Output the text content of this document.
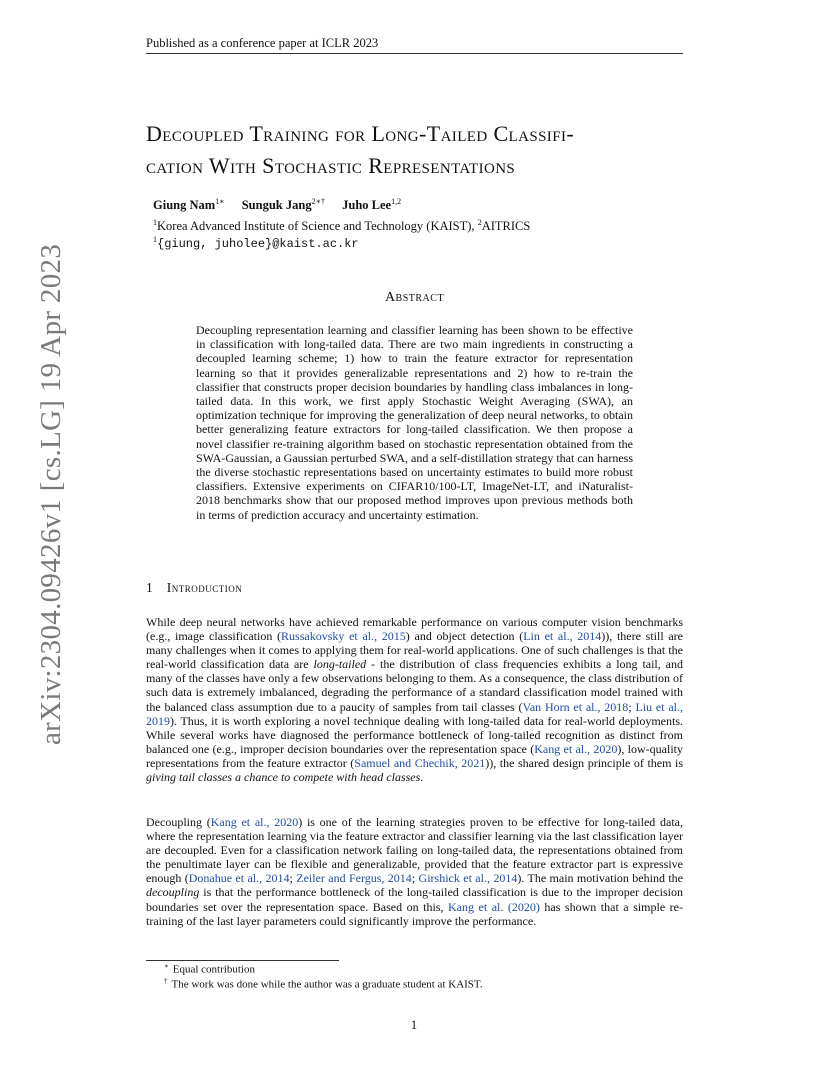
Published as a conference paper at ICLR 2023
arXiv:2304.09426v1 [cs.LG] 19 Apr 2023
Decoupled Training for Long-Tailed Classifi-
cation With Stochastic Representations
Giung Nam$^{1∗}$ Sunguk Jang$^{2∗\dagger}$ Juho Lee$^{1,2}$
$^1$Korea Advanced Institute of Science and Technology (KAIST), $^2$AITRICS
$^1${giung, juholee}@kaist.ac.kr
Abstract

Decoupling representation learning and classifier learning has been shown to be effective in classification with long-tailed data. There are two main ingredients in constructing a decoupled learning scheme; 1) how to train the feature extractor for representation learning so that it provides generalizable representations and 2) how to re-train the classifier that constructs proper decision boundaries by handling class imbalances in long-tailed data. In this work, we first apply Stochastic Weight Averaging (SWA), an optimization technique for improving the generalization of deep neural networks, to obtain better generalizing feature extractors for long-tailed classification. We then propose a novel classifier re-training algorithm based on stochastic representation obtained from the SWA-Gaussian, a Gaussian perturbed SWA, and a self-distillation strategy that can harness the diverse stochastic representations based on uncertainty estimates to build more robust classifiers. Extensive experiments on CIFAR10/100-LT, ImageNet-LT, and iNaturalist-2018 benchmarks show that our proposed method improves upon previous methods both in terms of prediction accuracy and uncertainty estimation.

1 Introduction

While deep neural networks have achieved remarkable performance on various computer vision benchmarks (e.g., image classification (Russakovsky et al., 2015) and object detection (Lin et al., 2014)), there still are many challenges when it comes to applying them for real-world applications. One of such challenges is that the real-world classification data are long-tailed - the distribution of class frequencies exhibits a long tail, and many of the classes have only a few observations belonging to them. As a consequence, the class distribution of such data is extremely imbalanced, degrading the performance of a standard classification model trained with the balanced class assumption due to a paucity of samples from tail classes (Van Horn et al., 2018; Liu et al., 2019). Thus, it is worth exploring a novel technique dealing with long-tailed data for real-world deployments. While several works have diagnosed the performance bottleneck of long-tailed recognition as distinct from balanced one (e.g., improper decision boundaries over the representation space (Kang et al., 2020), low-quality representations from the feature extractor (Samuel and Chechik, 2021)), the shared design principle of them is giving tail classes a chance to compete with head classes.

Decoupling (Kang et al., 2020) is one of the learning strategies proven to be effective for long-tailed data, where the representation learning via the feature extractor and classifier learning via the last classification layer are decoupled. Even for a classification network failing on long-tailed data, the representations obtained from the penultimate layer can be flexible and generalizable, provided that the feature extractor part is expressive enough (Donahue et al., 2014; Zeiler and Fergus, 2014; Girshick et al., 2014). The main motivation behind the decoupling is that the performance bottleneck of the long-tailed classification is due to the improper decision boundaries set over the representation space. Based on this, Kang et al. (2020) has shown that a simple re-training of the last layer parameters could significantly improve the performance.

∗ Equal contribution
† The work was done while the author was a graduate student at KAIST.
1
